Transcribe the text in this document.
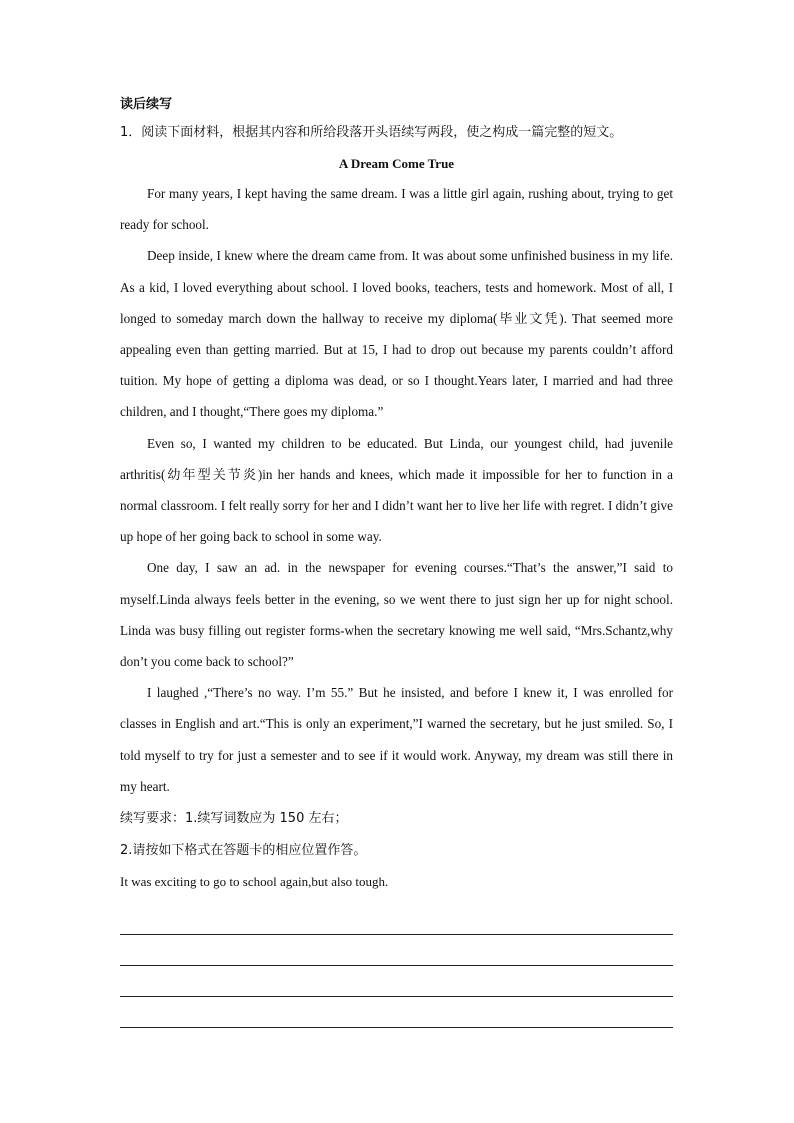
读后续写
1．阅读下面材料，根据其内容和所给段落开头语续写两段，使之构成一篇完整的短文。
A Dream Come True

For many years, I kept having the same dream. I was a little girl again, rushing about, trying to get ready for school.

Deep inside, I knew where the dream came from. It was about some unfinished business in my life. As a kid, I loved everything about school. I loved books, teachers, tests and homework. Most of all, I longed to someday march down the hallway to receive my diploma(毕业文凭). That seemed more appealing even than getting married. But at 15, I had to drop out because my parents couldn’t afford tuition. My hope of getting a diploma was dead, or so I thought.Years later, I married and had three children, and I thought,“There goes my diploma.”

Even so, I wanted my children to be educated. But Linda, our youngest child, had juvenile arthritis(幼年型关节炎)in her hands and knees, which made it impossible for her to function in a normal classroom. I felt really sorry for her and I didn’t want her to live her life with regret. I didn’t give up hope of her going back to school in some way.

One day, I saw an ad. in the newspaper for evening courses.“That’s the answer,”I said to myself.Linda always feels better in the evening, so we went there to just sign her up for night school. Linda was busy filling out register forms-when the secretary knowing me well said, “Mrs.Schantz,why don’t you come back to school?”

I laughed ,“There’s no way. I’m 55.” But he insisted, and before I knew it, I was enrolled for classes in English and art.“This is only an experiment,”I warned the secretary, but he just smiled. So, I told myself to try for just a semester and to see if it would work. Anyway, my dream was still there in my heart.

续写要求：1.续写词数应为 150 左右；
2.请按如下格式在答题卡的相应位置作答。
It was exciting to go to school again,but also tough.
